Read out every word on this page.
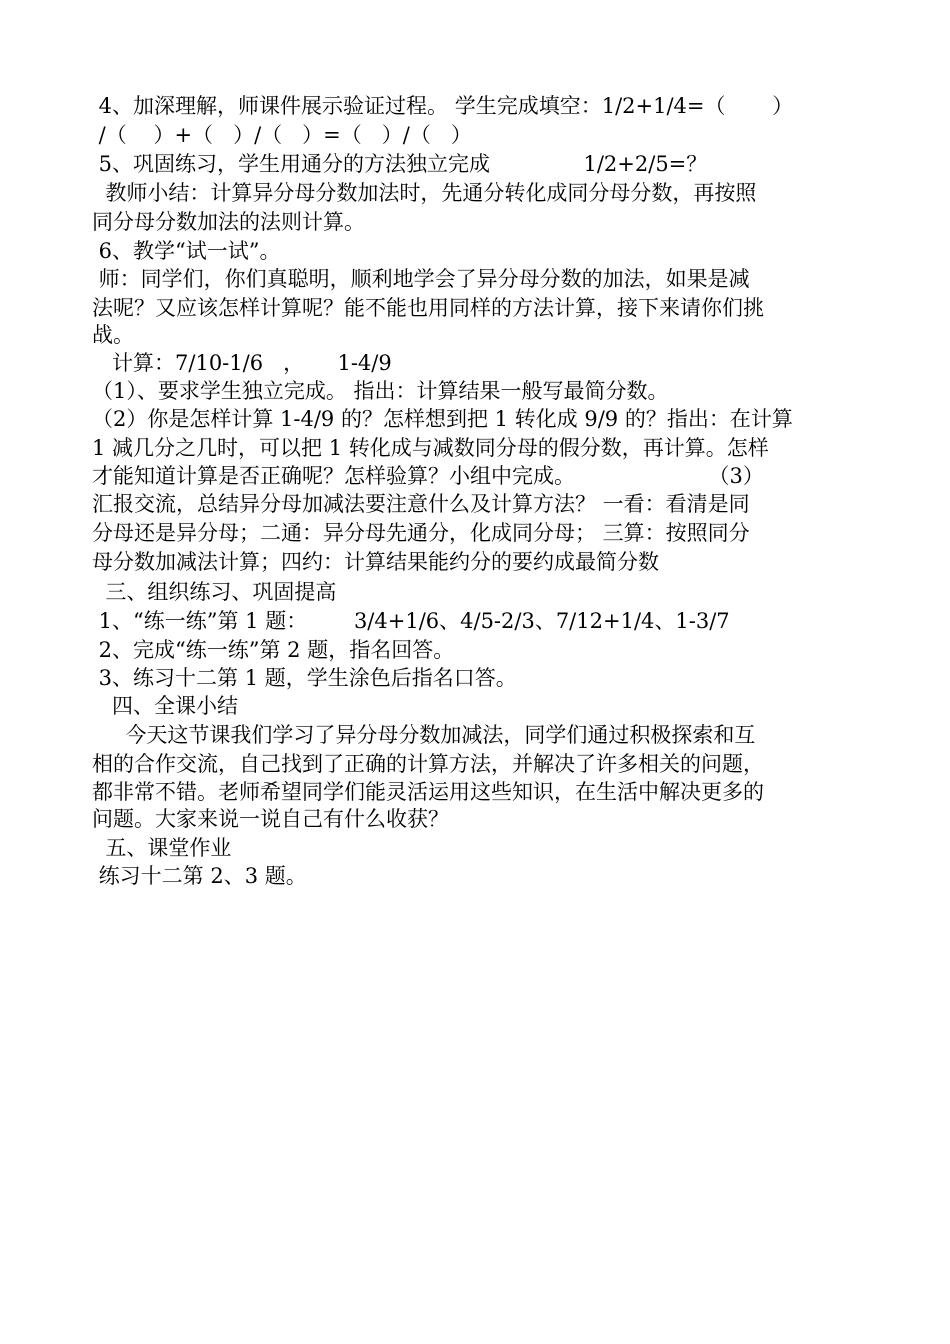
4、加深理解，师课件展示验证过程。 学生完成填空：1/2+1/4=（       ）
/（    ）+（   ）/（   ）=（   ）/（   ）
5、巩固练习，学生用通分的方法独立完成              1/2+2/5=？
教师小结：计算异分母分数加法时，先通分转化成同分母分数，再按照
同分母分数加法的法则计算。
6、教学“试一试”。
师：同学们，你们真聪明，顺利地学会了异分母分数的加法，如果是减
法呢？又应该怎样计算呢？能不能也用同样的方法计算，接下来请你们挑
战。
计算：7/10-1/6   ，     1-4/9
（1）、要求学生独立完成。 指出：计算结果一般写最简分数。
（2）你是怎样计算 1-4/9 的？怎样想到把 1 转化成 9/9 的？指出：在计算
1 减几分之几时，可以把 1 转化成与减数同分母的假分数，再计算。怎样
才能知道计算是否正确呢？怎样验算？小组中完成。                    （3）
汇报交流，总结异分母加减法要注意什么及计算方法？ 一看：看清是同
分母还是异分母；二通：异分母先通分，化成同分母； 三算：按照同分
母分数加减法计算；四约：计算结果能约分的要约成最简分数
三、组织练习、巩固提高
1、“练一练”第 1 题：       3/4+1/6、4/5-2/3、7/12+1/4、1-3/7
2、完成“练一练”第 2 题，指名回答。
3、练习十二第 1 题，学生涂色后指名口答。
四、全课小结
今天这节课我们学习了异分母分数加减法，同学们通过积极探索和互
相的合作交流，自己找到了正确的计算方法，并解决了许多相关的问题，
都非常不错。老师希望同学们能灵活运用这些知识，在生活中解决更多的
问题。大家来说一说自己有什么收获？
五、课堂作业
练习十二第 2、3 题。
